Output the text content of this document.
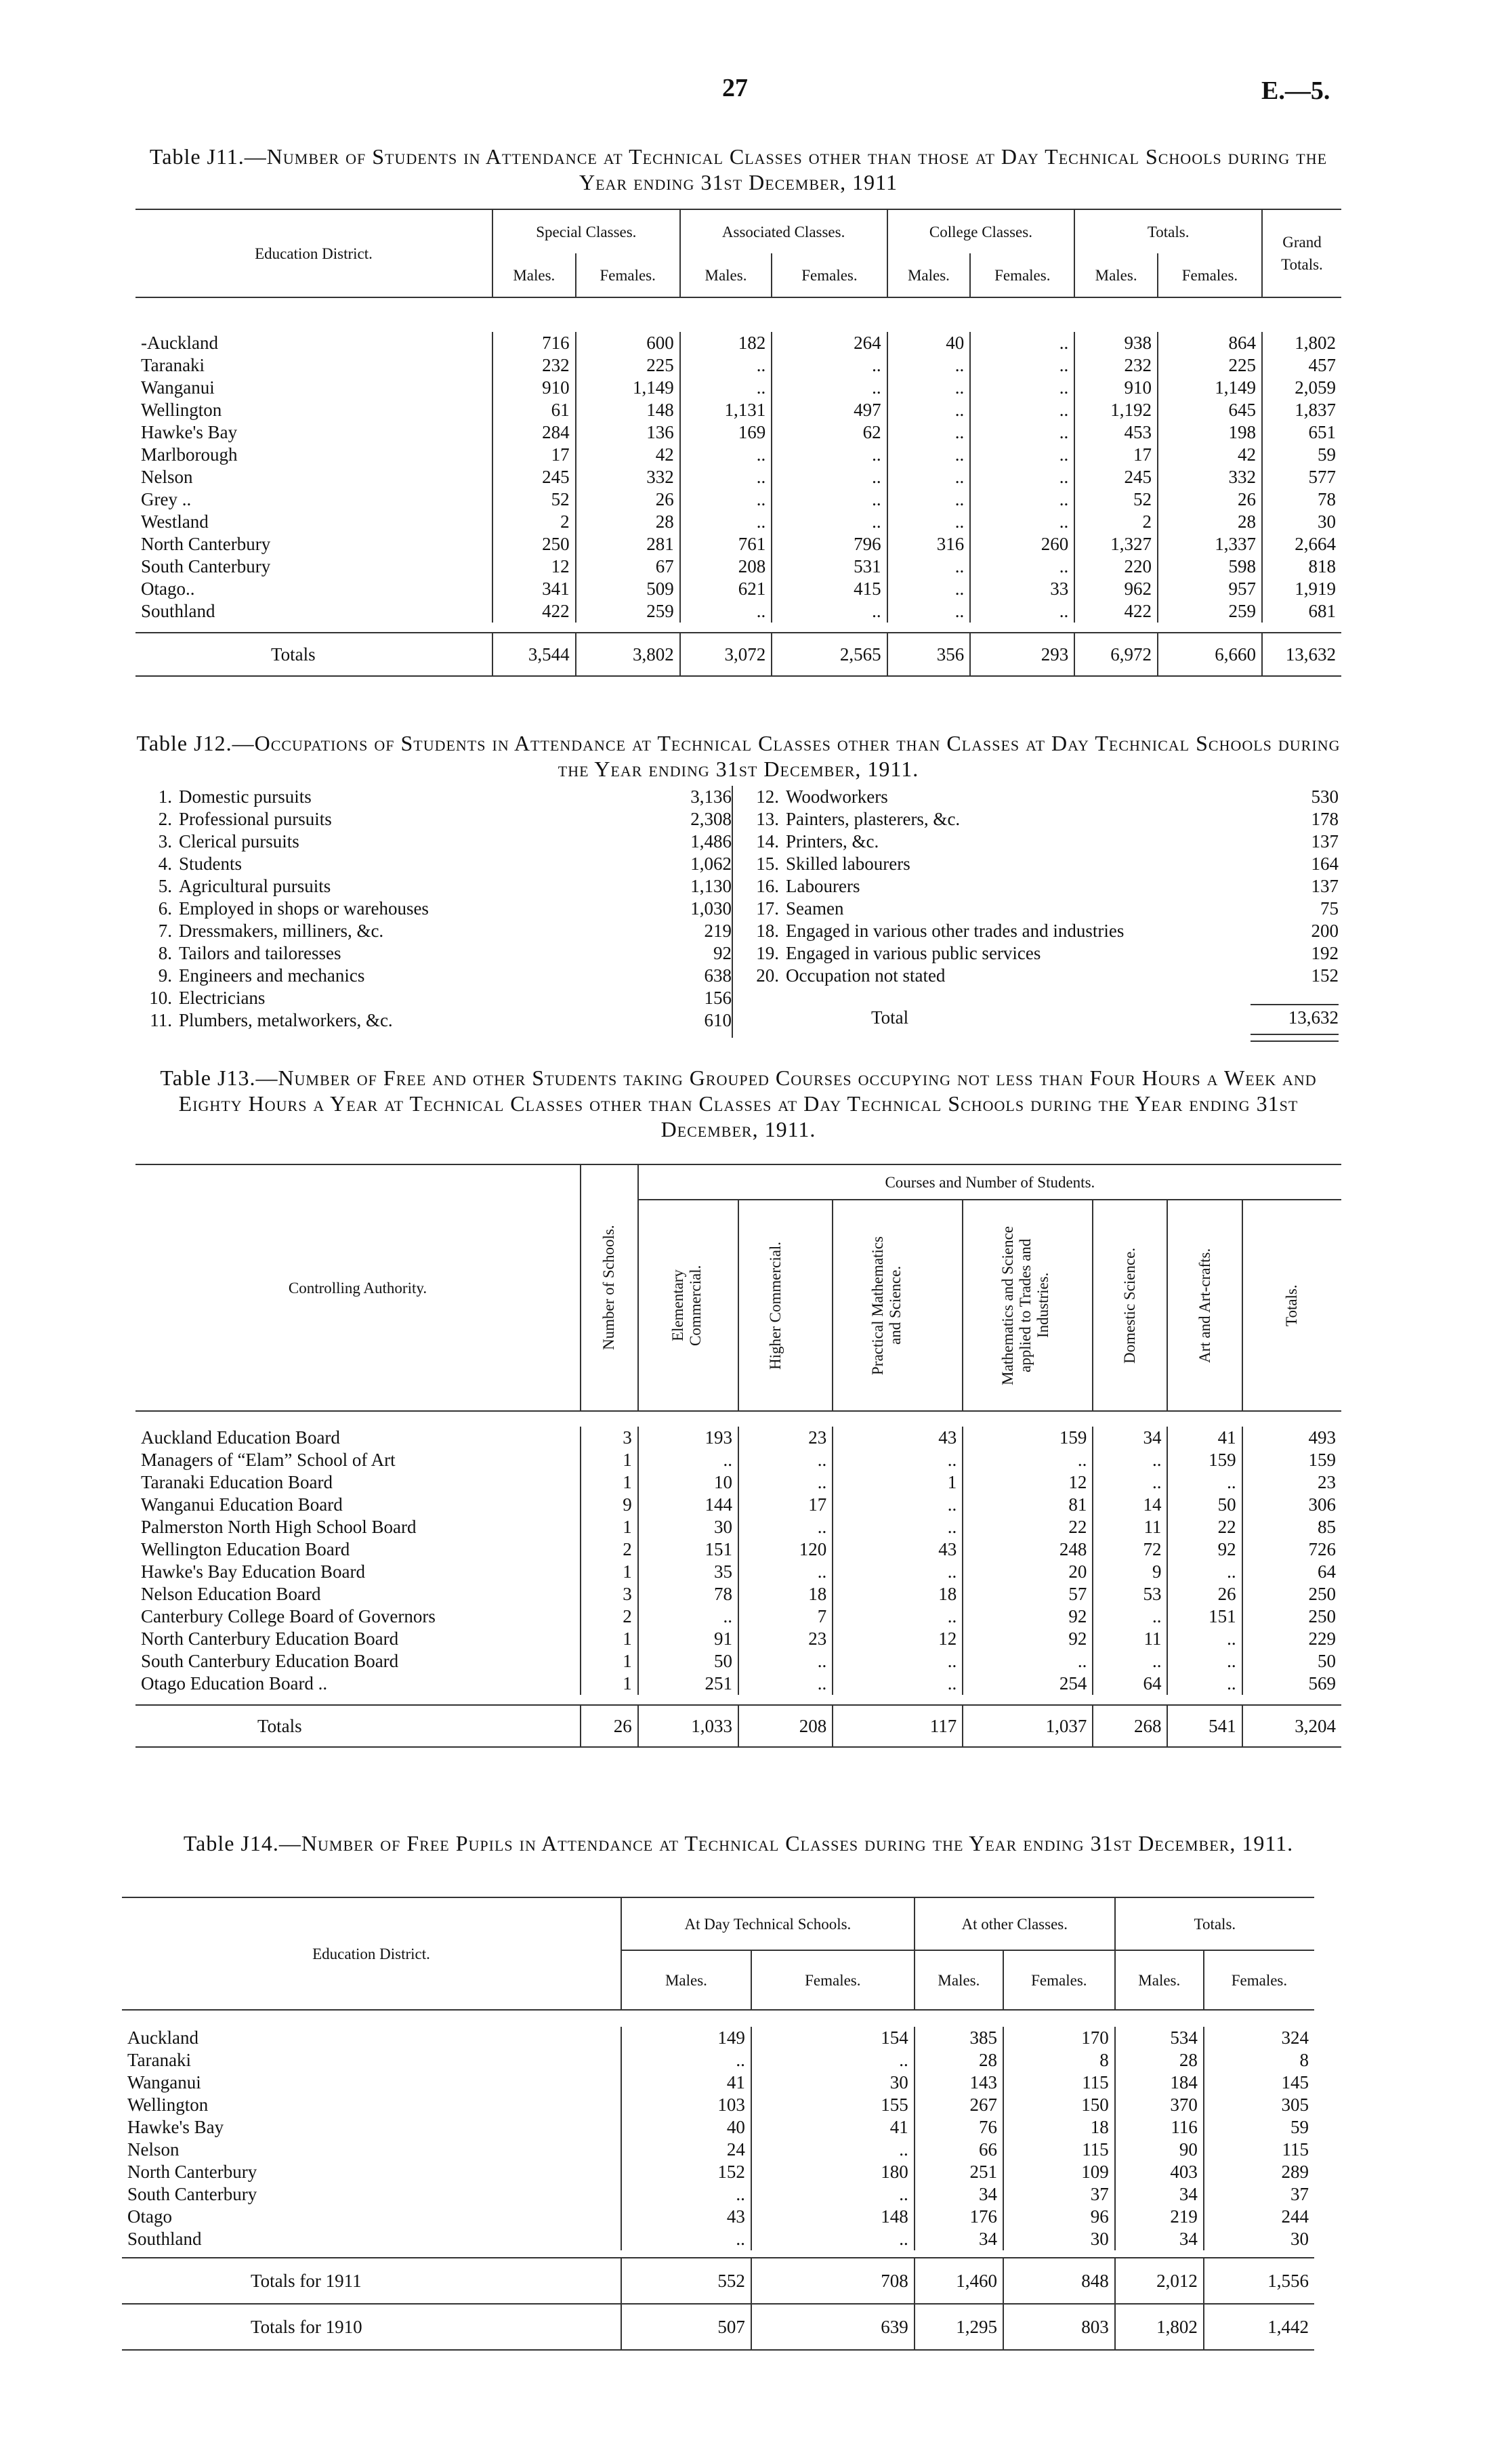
27	E.—5.
Table J11.—Number of Students in Attendance at Technical Classes other than those at Day Technical Schools during the Year ending 31st December, 1911
Education District.	Special Classes.		Associated Classes.		College Classes.		Totals.		Grand Totals.
	Males.	Females.	Males.	Females.	Males.	Females.	Males.	Females.	

-Auckland	716	600	182	264	40	..	938	864	1,802
Taranaki	232	225	..	..	..	..	232	225	457
Wanganui	910	1,149	..	..	..	..	910	1,149	2,059
Wellington	61	148	1,131	497	..	..	1,192	645	1,837
Hawke's Bay	284	136	169	62	..	..	453	198	651
Marlborough	17	42	..	..	..	..	17	42	59
Nelson	245	332	..	..	..	..	245	332	577
Grey ..	52	26	..	..	..	..	52	26	78
Westland	2	28	..	..	..	..	2	28	30
North Canterbury	250	281	761	796	316	260	1,327	1,337	2,664
South Canterbury	12	67	208	531	..	..	220	598	818
Otago..	341	509	621	415	..	33	962	957	1,919
Southland	422	259	..	..	..	..	422	259	681

Totals	3,544	3,802	3,072	2,565	356	293	6,972	6,660	13,632
Table J12.—Occupations of Students in Attendance at Technical Classes other than Classes at Day Technical Schools during the Year ending 31st December, 1911.
1. Domestic pursuits	3,136
2. Professional pursuits	2,308
3. Clerical pursuits	1,486
4. Students	1,062
5. Agricultural pursuits	1,130
6. Employed in shops or warehouses	1,030
7. Dressmakers, milliners, &c.	219
8. Tailors and tailoresses	92
9. Engineers and mechanics	638
10. Electricians	156
11. Plumbers, metalworkers, &c.	610
12. Woodworkers	530
13. Painters, plasterers, &c.	178
14. Printers, &c.	137
15. Skilled labourers	164
16. Labourers	137
17. Seamen	75
18. Engaged in various other trades and industries	200
19. Engaged in various public services	192
20. Occupation not stated	152
Total	13,632
Table J13.—Number of Free and other Students taking Grouped Courses occupying not less than Four Hours a Week and Eighty Hours a Year at Technical Classes other than Classes at Day Technical Schools during the Year ending 31st December, 1911.
Controlling Authority.	Number of Schools.	Courses and Number of Students.						

		Elementary Commercial.	Higher Commercial.	Practical Mathematics and Science.	Mathematics and Science applied to Trades and Industries.	Domestic Science.	Art and Art-crafts.	Totals.

Auckland Education Board	3	193	23	43	159	34	41	493
Managers of “Elam” School of Art	1	..	..	..	..	..	159	159
Taranaki Education Board	1	10	..	1	12	..	..	23
Wanganui Education Board	9	144	17	..	81	14	50	306
Palmerston North High School Board	1	30	..	..	22	11	22	85
Wellington Education Board	2	151	120	43	248	72	92	726
Hawke's Bay Education Board	1	35	..	..	20	9	..	64
Nelson Education Board	3	78	18	18	57	53	26	250
Canterbury College Board of Governors	2	..	7	..	92	..	151	250
North Canterbury Education Board	1	91	23	12	92	11	..	229
South Canterbury Education Board	1	50	..	..	..	..	..	50
Otago Education Board ..	1	251	..	..	254	64	..	569

Totals	26	1,033	208	117	1,037	268	541	3,204
Table J14.—Number of Free Pupils in Attendance at Technical Classes during the Year ending 31st December, 1911.
Education District.	At Day Technical Schools.		At other Classes.		Totals.	
	Males.	Females.	Males.	Females.	Males.	Females.

Auckland	149	154	385	170	534	324
Taranaki	..	..	28	8	28	8
Wanganui	41	30	143	115	184	145
Wellington	103	155	267	150	370	305
Hawke's Bay	40	41	76	18	116	59
Nelson	24	..	66	115	90	115
North Canterbury	152	180	251	109	403	289
South Canterbury	..	..	34	37	34	37
Otago	43	148	176	96	219	244
Southland	..	..	34	30	34	30

Totals for 1911	552	708	1,460	848	2,012	1,556
Totals for 1910	507	639	1,295	803	1,802	1,442
